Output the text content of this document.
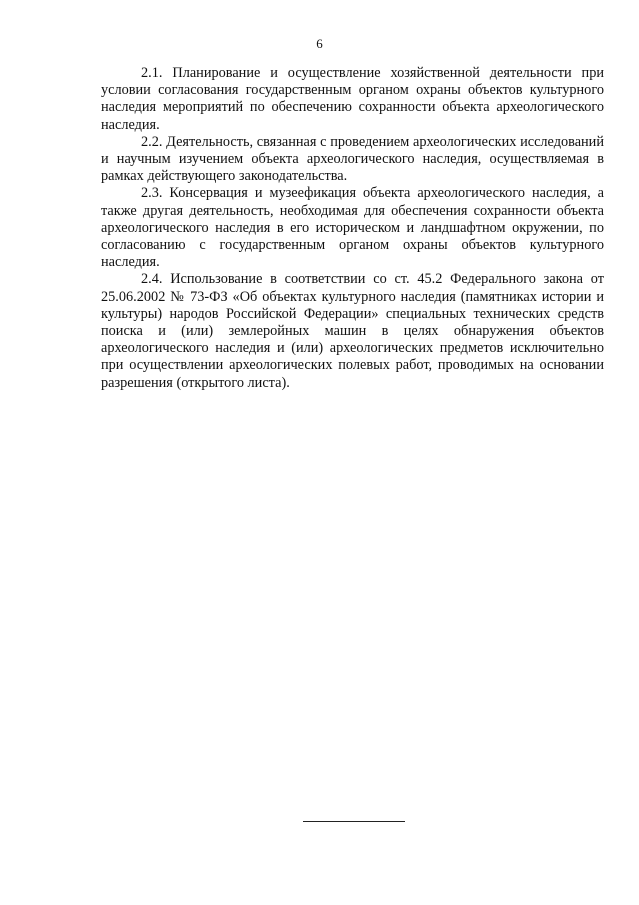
6

2.1. Планирование и осуществление хозяйственной деятельности при условии согласования государственным органом охраны объектов культурного наследия мероприятий по обеспечению сохранности объекта археологического наследия.

2.2. Деятельность, связанная с проведением археологических исследований и научным изучением объекта археологического наследия, осуществляемая в рамках действующего законодательства.

2.3. Консервация и музеефикация объекта археологического наследия, а также другая деятельность, необходимая для обеспечения сохранности объекта археологического наследия в его историческом и ландшафтном окружении, по согласованию с государственным органом охраны объектов культурного наследия.

2.4. Использование в соответствии со ст. 45.2 Федерального закона от 25.06.2002 № 73-ФЗ «Об объектах культурного наследия (памятниках истории и культуры) народов Российской Федерации» специальных технических средств поиска и (или) землеройных машин в целях обнаружения объектов археологического наследия и (или) археологических предметов исключительно при осуществлении археологических полевых работ, проводимых на основании разрешения (открытого листа).
